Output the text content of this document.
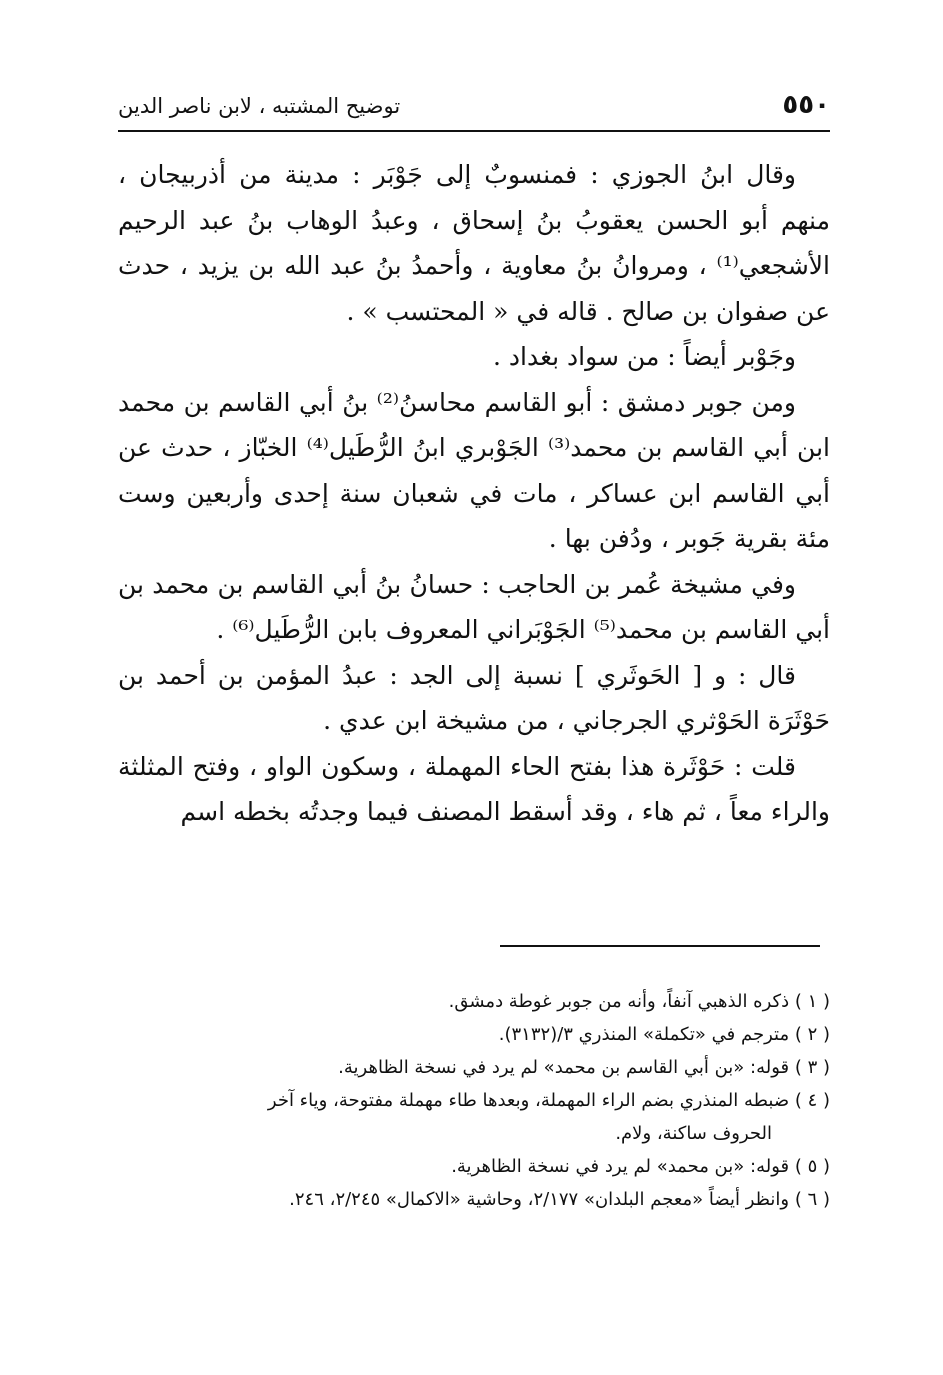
٥٥٠
توضيح المشتبه ، لابن ناصر الدين

وقال ابنُ الجوزي : فمنسوبٌ إلى جَوْبَر : مدينة من أذربيجان ، منهم أبو الحسن يعقوبُ بنُ إسحاق ، وعبدُ الوهاب بنُ عبد الرحيم الأشجعي⁽¹⁾ ، ومروانُ بنُ معاوية ، وأحمدُ بنُ عبد الله بن يزيد ، حدث عن صفوان بن صالح . قاله في « المحتسب » .

وجَوْبر أيضاً : من سواد بغداد .

ومن جوبر دمشق : أبو القاسم محاسنُ⁽²⁾ بنُ أبي القاسم بن محمد ابن أبي القاسم بن محمد⁽³⁾ الجَوْبري ابنُ الرُّطَيل⁽⁴⁾ الخبّاز ، حدث عن أبي القاسم ابن عساكر ، مات في شعبان سنة إحدى وأربعين وست مئة بقرية جَوبر ، ودُفن بها .

وفي مشيخة عُمر بن الحاجب : حسانُ بنُ أبي القاسم بن محمد بن أبي القاسم بن محمد⁽⁵⁾ الجَوْبَراني المعروف بابن الرُّطَيل⁽⁶⁾ .

قال : و [ الحَوثَري ] نسبة إلى الجد : عبدُ المؤمن بن أحمد بن حَوْثَرَة الحَوْثري الجرجاني ، من مشيخة ابن عدي .

قلت : حَوْثَرة هذا بفتح الحاء المهملة ، وسكون الواو ، وفتح المثلثة والراء معاً ، ثم هاء ، وقد أسقط المصنف فيما وجدتُه بخطه اسم

( ١ ) ذكره الذهبي آنفاً، وأنه من جوبر غوطة دمشق.

( ٢ ) مترجم في «تكملة» المنذري ٣/(٣١٣٢).

( ٣ ) قوله: «بن أبي القاسم بن محمد» لم يرد في نسخة الظاهرية.

( ٤ ) ضبطه المنذري بضم الراء المهملة، وبعدها طاء مهملة مفتوحة، وياء آخر

الحروف ساكنة، ولام.

( ٥ ) قوله: «بن محمد» لم يرد في نسخة الظاهرية.

( ٦ ) وانظر أيضاً «معجم البلدان» ٢/١٧٧، وحاشية «الاكمال» ٢/٢٤٥، ٢٤٦.
